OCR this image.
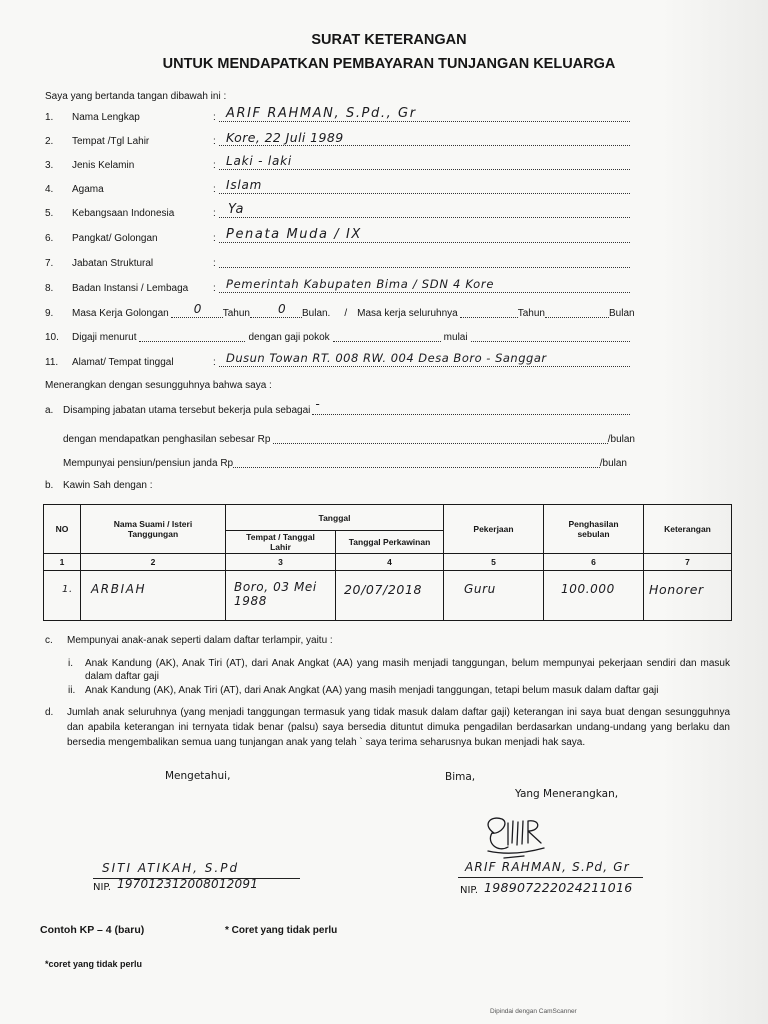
SURAT KETERANGAN
UNTUK MENDAPATKAN PEMBAYARAN TUNJANGAN KELUARGA
Saya yang bertanda tangan dibawah ini :
1.	Nama Lengkap	: ARIF RAHMAN, S.Pd., Gr
2.	Tempat /Tgl Lahir	: Kore, 22 Juli 1989
3.	Jenis Kelamin	: Laki - laki
4.	Agama	: Islam
5.	Kebangsaan Indonesia	: Ya
6.	Pangkat/ Golongan	: Penata Muda / IX
7.	Jabatan Struktural	:
8.	Badan Instansi / Lembaga	: Pemerintah Kabupaten Bima / SDN 4 Kore
9.	Masa Kerja Golongan 0 Tahun 0 Bulan. / Masa kerja seluruhnya	Tahun	Bulan
10.	Digaji menurut	dengan gaji pokok	mulai
11.	Alamat/ Tempat tinggal	: Dusun Towan RT. 008 RW. 004 Desa Boro - Sanggar
Menerangkan dengan sesungguhnya bahwa saya :
a. Disamping jabatan utama tersebut bekerja pula sebagai -
dengan mendapatkan penghasilan sebesar Rp	/bulan
Mempunyai pensiun/pensiun janda Rp	/bulan
b. Kawin Sah dengan :
NO	Nama Suami / Isteri Tanggungan	Tanggal		Pekerjaan	Penghasilan sebulan	Keterangan
		Tempat / Tanggal Lahir	Tanggal Perkawinan			
1	2	3	4	5	6	7
1.	ARBIAH	Boro, 03 Mei 1988	20/07/2018	Guru	100.000	Honorer
c.	Mempunyai anak-anak seperti dalam daftar terlampir, yaitu :
i.	Anak Kandung (AK), Anak Tiri (AT), dari Anak Angkat (AA) yang masih menjadi tanggungan, belum mempunyai pekerjaan sendiri dan masuk dalam daftar gaji
ii. Anak Kandung (AK), Anak Tiri (AT), dari Anak Angkat (AA) yang masih menjadi tanggungan, tetapi belum masuk dalam daftar gaji
d.	Jumlah anak seluruhnya (yang menjadi tanggungan termasuk yang tidak masuk dalam daftar gaji) keterangan ini saya buat dengan sesungguhnya dan apabila keterangan ini ternyata tidak benar (palsu) saya bersedia dituntut dimuka pengadilan berdasarkan undang-undang yang berlaku dan bersedia mengembalikan semua uang tunjangan anak yang telah ` saya terima seharusnya bukan menjadi hak saya.
Mengetahui,	Bima,
Yang Menerangkan,
SITI ATIKAH, S.Pd
NIP. 197012312008012091
ARIF RAHMAN, S.Pd, Gr
NIP. 198907222024211016
Contoh KP – 4 (baru)	* Coret yang tidak perlu
*coret yang tidak perlu
Dipindai dengan CamScanner
